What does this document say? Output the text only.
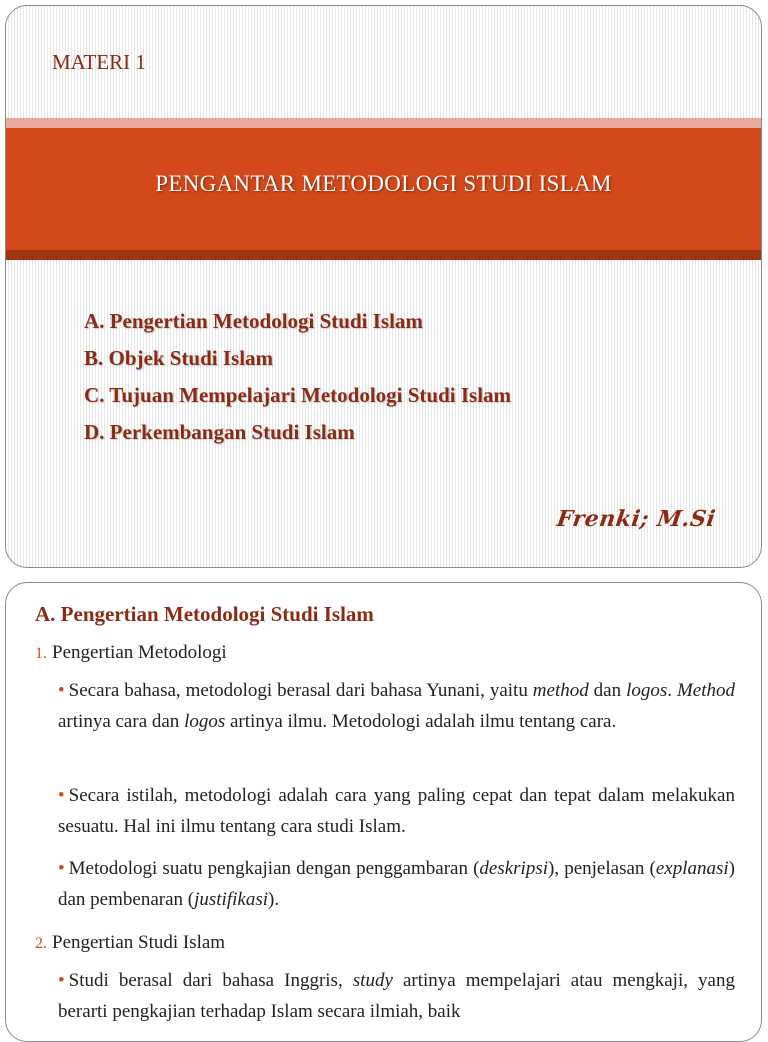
MATERI 1
PENGANTAR METODOLOGI STUDI ISLAM
A. Pengertian Metodologi Studi Islam
B. Objek Studi Islam
C. Tujuan Mempelajari Metodologi Studi Islam
D. Perkembangan Studi Islam
Frenki; M.Si
A. Pengertian Metodologi Studi Islam
1. Pengertian Metodologi
• Secara bahasa, metodologi berasal dari bahasa Yunani, yaitu method dan logos. Method artinya cara dan logos artinya ilmu. Metodologi adalah ilmu tentang cara.
• Secara istilah, metodologi adalah cara yang paling cepat dan tepat dalam melakukan sesuatu. Hal ini ilmu tentang cara studi Islam.
• Metodologi suatu pengkajian dengan penggambaran (deskripsi), penjelasan (explanasi) dan pembenaran (justifikasi).
2. Pengertian Studi Islam
• Studi berasal dari bahasa Inggris, study artinya mempelajari atau mengkaji, yang berarti pengkajian terhadap Islam secara ilmiah, baik
